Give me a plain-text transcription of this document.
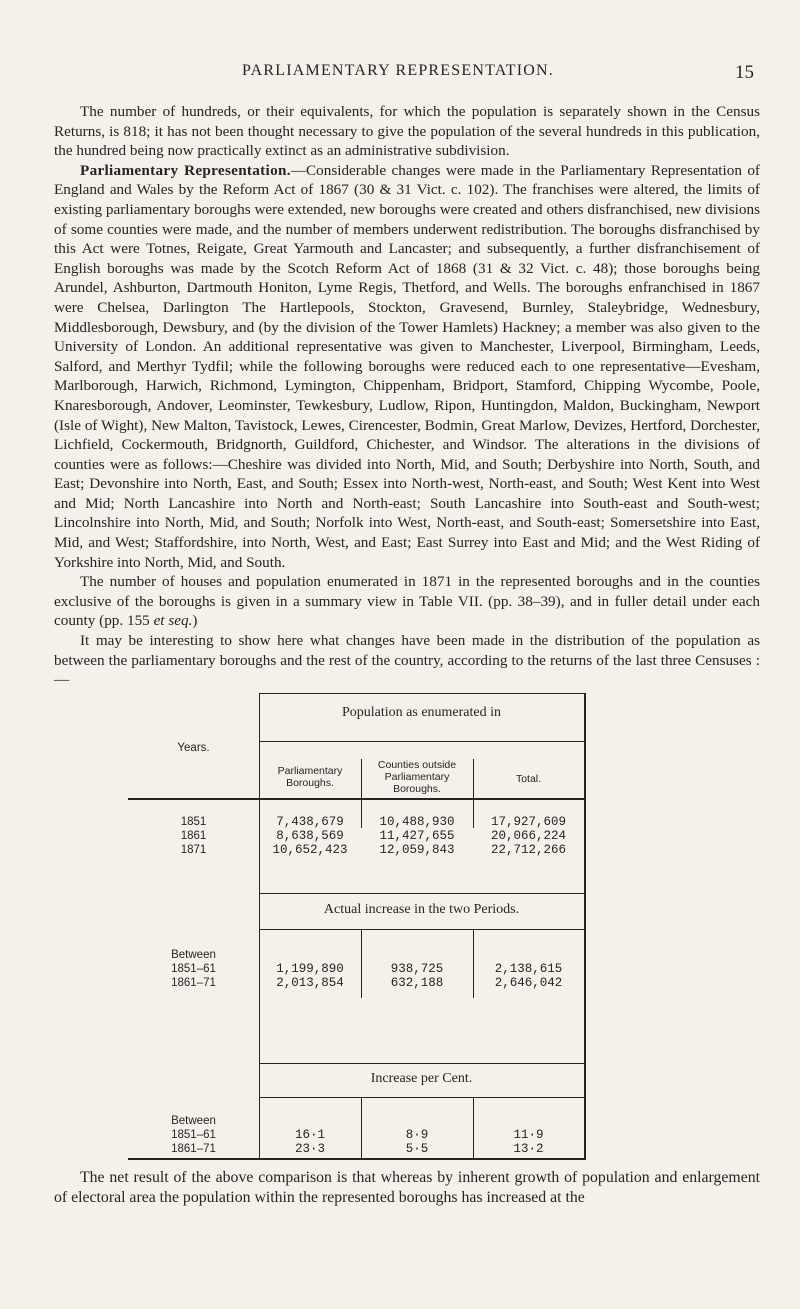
PARLIAMENTARY REPRESENTATION.	15

The number of hundreds, or their equivalents, for which the population is separately shown in the Census Returns, is 818; it has not been thought necessary to give the population of the several hundreds in this publication, the hundred being now practically extinct as an administrative subdivision.

Parliamentary Representation.—Considerable changes were made in the Parliamentary Representation of England and Wales by the Reform Act of 1867 (30 & 31 Vict. c. 102). The franchises were altered, the limits of existing parliamentary boroughs were extended, new boroughs were created and others disfranchised, new divisions of some counties were made, and the number of members underwent redistribution. The boroughs disfranchised by this Act were Totnes, Reigate, Great Yarmouth and Lancaster; and subsequently, a further disfranchisement of English boroughs was made by the Scotch Reform Act of 1868 (31 & 32 Vict. c. 48); those boroughs being Arundel, Ashburton, Dartmouth Honiton, Lyme Regis, Thetford, and Wells. The boroughs enfranchised in 1867 were Chelsea, Darlington The Hartlepools, Stockton, Gravesend, Burnley, Staleybridge, Wednesbury, Middlesborough, Dewsbury, and (by the division of the Tower Hamlets) Hackney; a member was also given to the University of London. An additional representative was given to Manchester, Liverpool, Birmingham, Leeds, Salford, and Merthyr Tydfil; while the following boroughs were reduced each to one representative—Evesham, Marlborough, Harwich, Richmond, Lymington, Chippenham, Bridport, Stamford, Chipping Wycombe, Poole, Knaresborough, Andover, Leominster, Tewkesbury, Ludlow, Ripon, Huntingdon, Maldon, Buckingham, Newport (Isle of Wight), New Malton, Tavistock, Lewes, Cirencester, Bodmin, Great Marlow, Devizes, Hertford, Dorchester, Lichfield, Cockermouth, Bridgnorth, Guildford, Chichester, and Windsor. The alterations in the divisions of counties were as follows:—Cheshire was divided into North, Mid, and South; Derbyshire into North, South, and East; Devonshire into North, East, and South; Essex into North-west, North-east, and South; West Kent into West and Mid; North Lancashire into North and North-east; South Lancashire into South-east and South-west; Lincolnshire into North, Mid, and South; Norfolk into West, North-east, and South-east; Somersetshire into East, Mid, and West; Staffordshire, into North, West, and East; East Surrey into East and Mid; and the West Riding of Yorkshire into North, Mid, and South.

The number of houses and population enumerated in 1871 in the represented boroughs and in the counties exclusive of the boroughs is given in a summary view in Table VII. (pp. 38–39), and in fuller detail under each county (pp. 155 et seq.)

It may be interesting to show here what changes have been made in the distribution of the population as between the parliamentary boroughs and the rest of the country, according to the returns of the last three Censuses :—

Years.
Population as enumerated in
Parliamentary Boroughs.
Counties outside Parliamentary Boroughs.
Total.
1851
1861
1871
7,438,679
8,638,569
10,652,423
10,488,930
11,427,655
12,059,843
17,927,609
20,066,224
22,712,266
Actual increase in the two Periods.
Between
1851–61
1861–71
1,199,890
2,013,854
938,725
632,188
2,138,615
2,646,042
Increase per Cent.
Between
1851–61
1861–71
16·1
23·3
8·9
5·5
11·9
13·2

The net result of the above comparison is that whereas by inherent growth of population and enlargement of electoral area the population within the represented boroughs has increased at the
